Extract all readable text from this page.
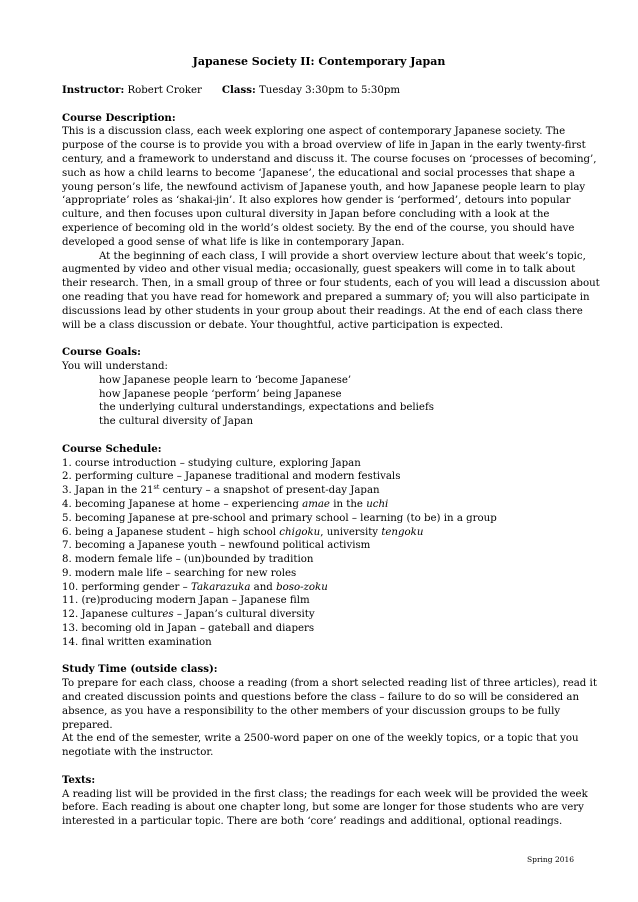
Japanese Society II: Contemporary Japan
Instructor: Robert Croker Class: Tuesday 3:30pm to 5:30pm
Course Description:
This is a discussion class, each week exploring one aspect of contemporary Japanese society. The
purpose of the course is to provide you with a broad overview of life in Japan in the early twenty-first
century, and a framework to understand and discuss it. The course focuses on ‘processes of becoming’,
such as how a child learns to become ‘Japanese’, the educational and social processes that shape a
young person’s life, the newfound activism of Japanese youth, and how Japanese people learn to play
‘appropriate’ roles as ‘shakai-jin’. It also explores how gender is ‘performed’, detours into popular
culture, and then focuses upon cultural diversity in Japan before concluding with a look at the
experience of becoming old in the world’s oldest society. By the end of the course, you should have
developed a good sense of what life is like in contemporary Japan.
At the beginning of each class, I will provide a short overview lecture about that week’s topic,
augmented by video and other visual media; occasionally, guest speakers will come in to talk about
their research. Then, in a small group of three or four students, each of you will lead a discussion about
one reading that you have read for homework and prepared a summary of; you will also participate in
discussions lead by other students in your group about their readings. At the end of each class there
will be a class discussion or debate. Your thoughtful, active participation is expected.
Course Goals:
You will understand:
how Japanese people learn to ‘become Japanese’
how Japanese people ‘perform’ being Japanese
the underlying cultural understandings, expectations and beliefs
the cultural diversity of Japan
Course Schedule:
1. course introduction – studying culture, exploring Japan
2. performing culture – Japanese traditional and modern festivals
3. Japan in the 21st century – a snapshot of present-day Japan
4. becoming Japanese at home – experiencing amae in the uchi
5. becoming Japanese at pre-school and primary school – learning (to be) in a group
6. being a Japanese student – high school chigoku, university tengoku
7. becoming a Japanese youth – newfound political activism
8. modern female life – (un)bounded by tradition
9. modern male life – searching for new roles
10. performing gender – Takarazuka and boso-zoku
11. (re)producing modern Japan – Japanese film
12. Japanese cultures – Japan’s cultural diversity
13. becoming old in Japan – gateball and diapers
14. final written examination
Study Time (outside class):
To prepare for each class, choose a reading (from a short selected reading list of three articles), read it
and created discussion points and questions before the class – failure to do so will be considered an
absence, as you have a responsibility to the other members of your discussion groups to be fully
prepared.
At the end of the semester, write a 2500-word paper on one of the weekly topics, or a topic that you
negotiate with the instructor.
Texts:
A reading list will be provided in the first class; the readings for each week will be provided the week
before. Each reading is about one chapter long, but some are longer for those students who are very
interested in a particular topic. There are both ‘core’ readings and additional, optional readings.
Spring 2016
